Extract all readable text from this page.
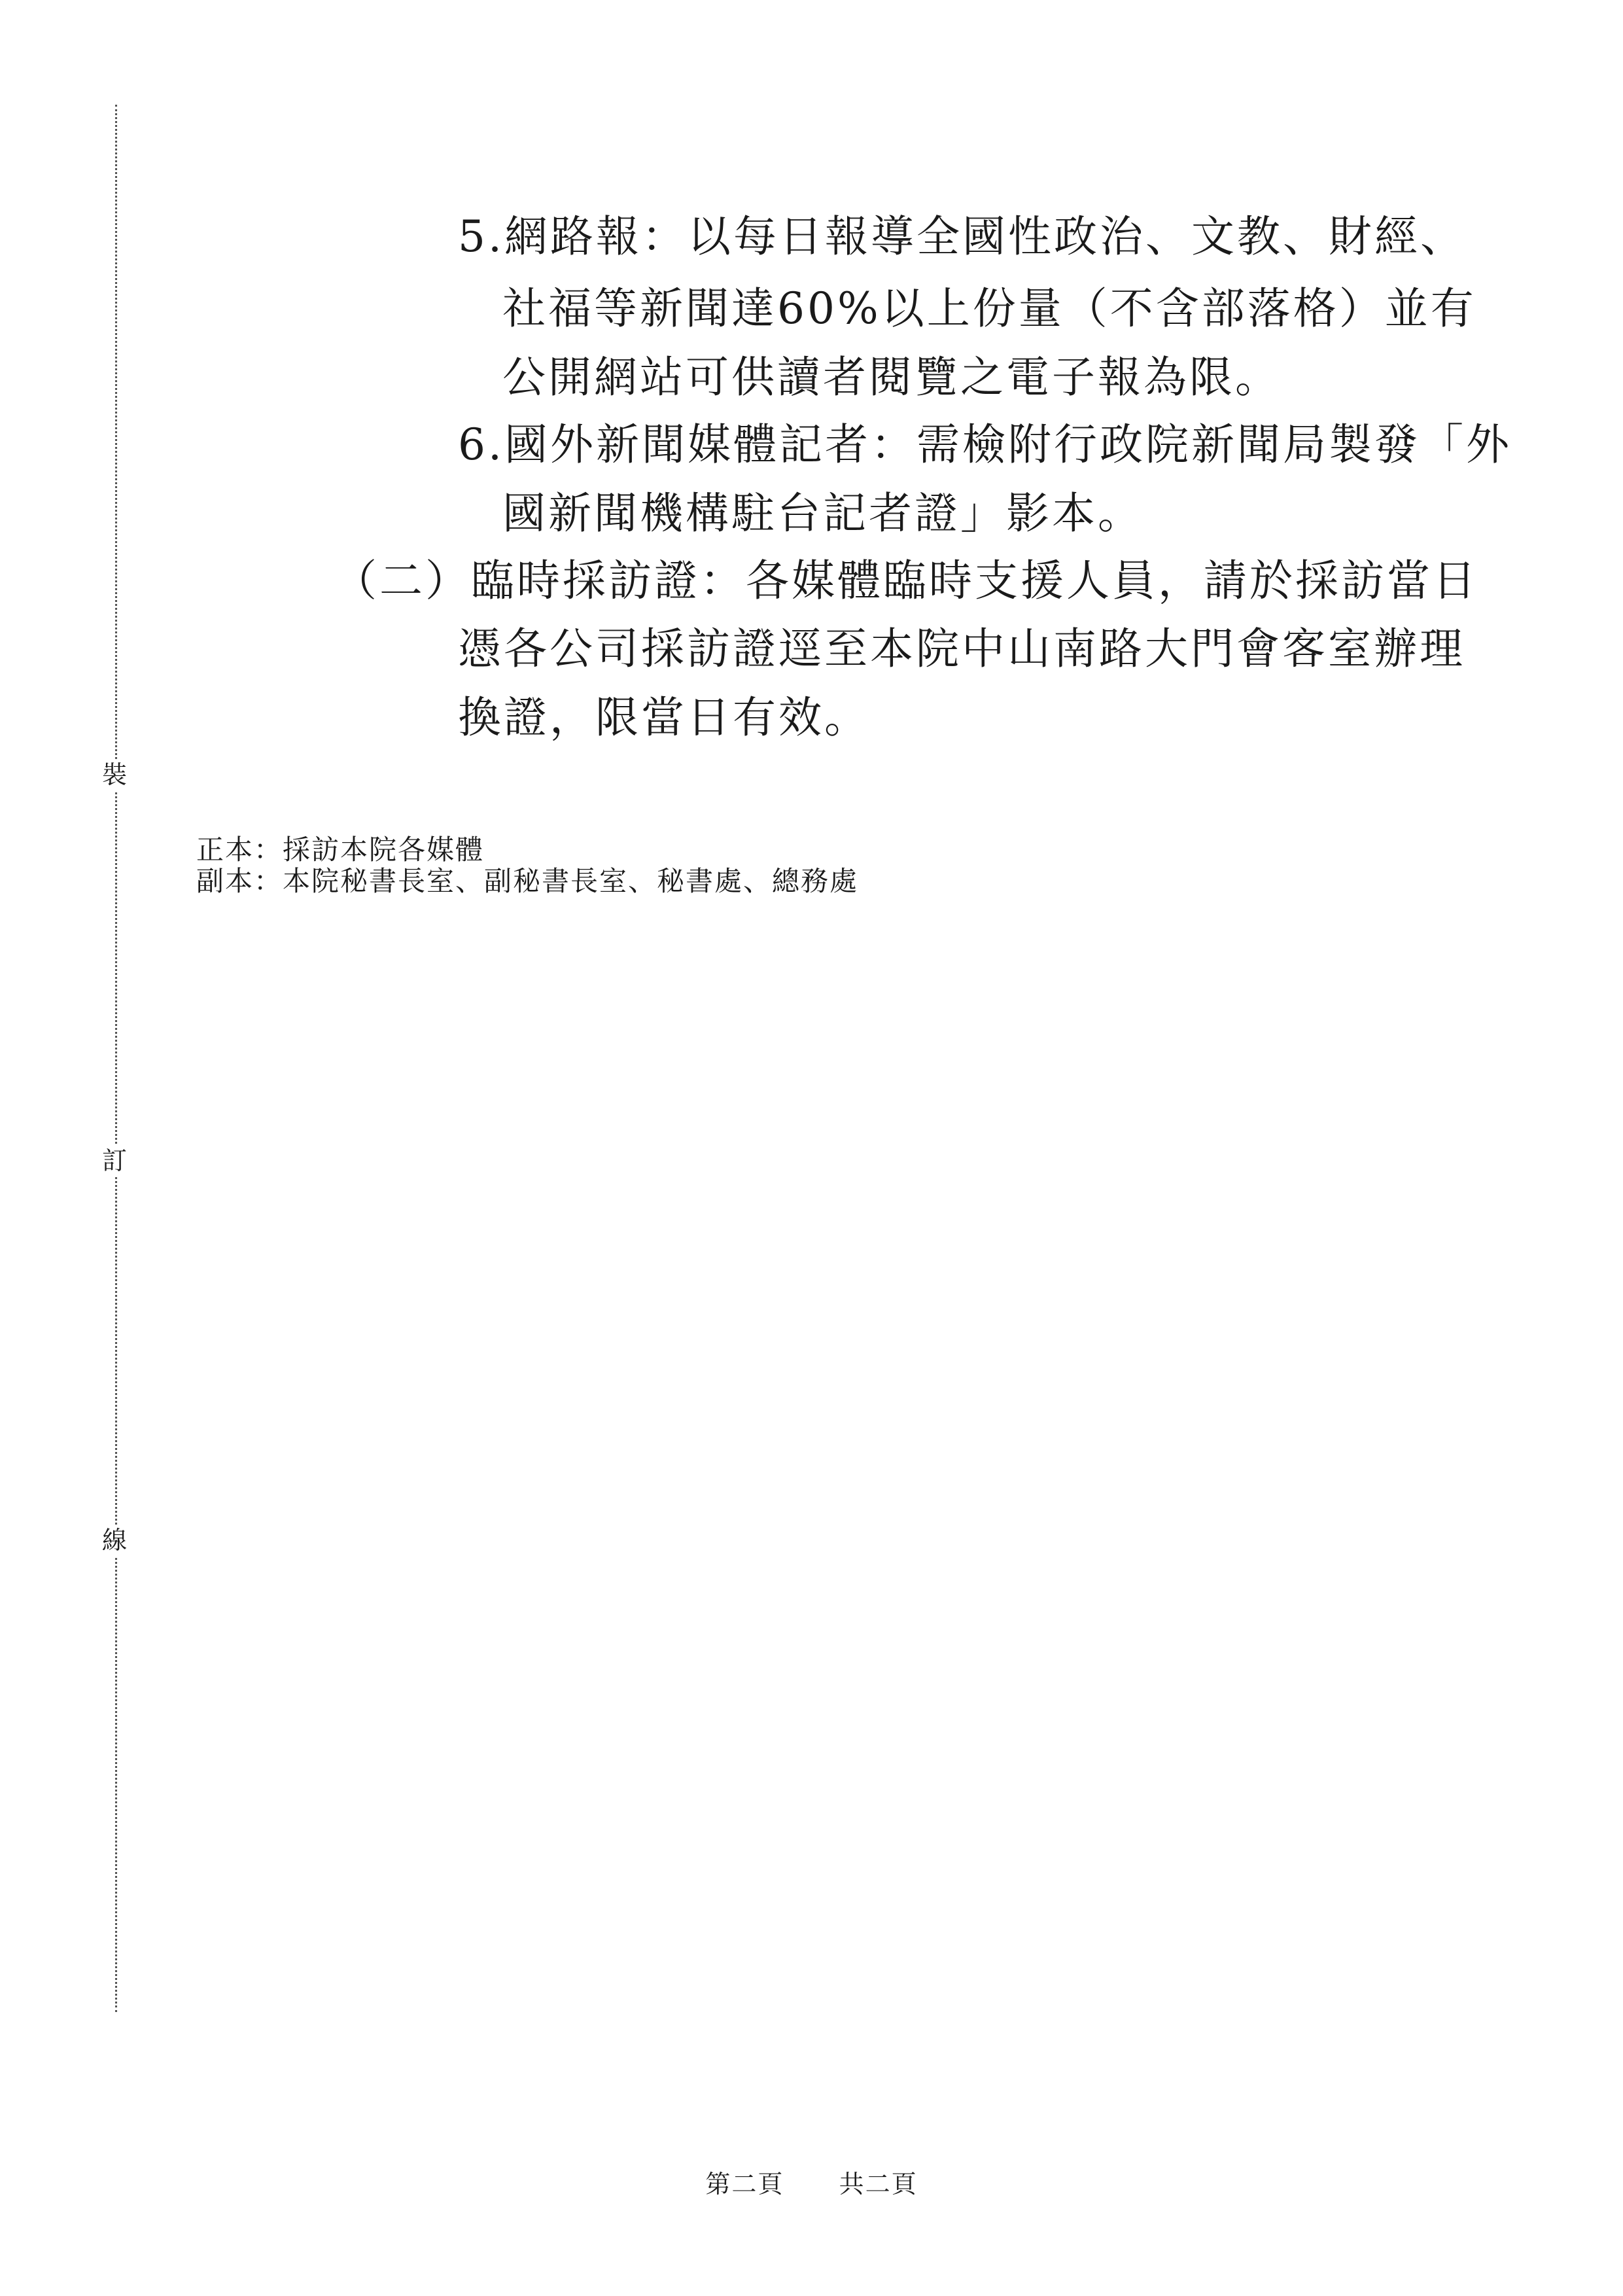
裝
訂
線
5.網路報：以每日報導全國性政治、文教、財經、
社福等新聞達60%以上份量（不含部落格）並有
公開網站可供讀者閱覽之電子報為限。
6.國外新聞媒體記者：需檢附行政院新聞局製發「外
國新聞機構駐台記者證」影本。
（二）臨時採訪證：各媒體臨時支援人員，請於採訪當日
憑各公司採訪證逕至本院中山南路大門會客室辦理
換證，限當日有效。
正本：採訪本院各媒體
副本：本院秘書長室、副秘書長室、秘書處、總務處
第二頁  共二頁
